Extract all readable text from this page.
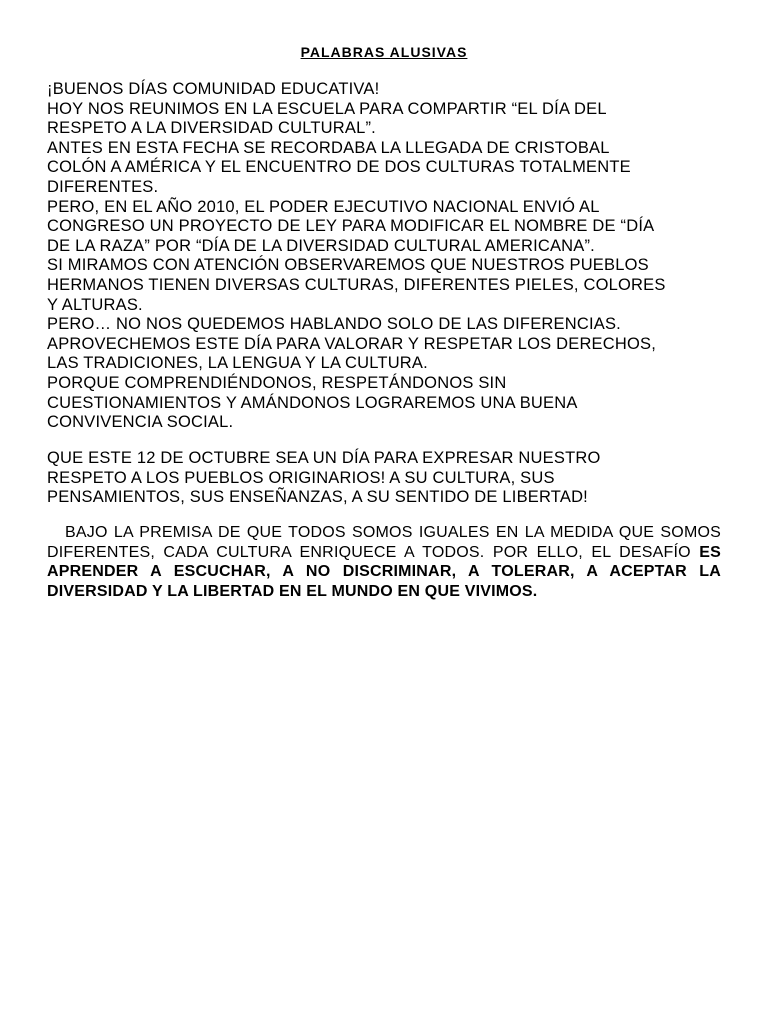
PALABRAS ALUSIVAS
¡BUENOS DÍAS COMUNIDAD EDUCATIVA!
HOY NOS REUNIMOS EN LA ESCUELA PARA COMPARTIR “EL DÍA DEL
RESPETO A LA DIVERSIDAD CULTURAL”.
ANTES EN ESTA FECHA SE RECORDABA LA LLEGADA DE CRISTOBAL
COLÓN A AMÉRICA Y EL ENCUENTRO DE DOS CULTURAS TOTALMENTE
DIFERENTES.
PERO, EN EL AÑO 2010, EL PODER EJECUTIVO NACIONAL ENVIÓ AL
CONGRESO UN PROYECTO DE LEY PARA MODIFICAR EL NOMBRE DE “DÍA
DE LA RAZA” POR “DÍA DE LA DIVERSIDAD CULTURAL AMERICANA”.
SI MIRAMOS CON ATENCIÓN OBSERVAREMOS QUE NUESTROS PUEBLOS
HERMANOS TIENEN DIVERSAS CULTURAS, DIFERENTES PIELES, COLORES
Y ALTURAS.
PERO… NO NOS QUEDEMOS HABLANDO SOLO DE LAS DIFERENCIAS.
APROVECHEMOS ESTE DÍA PARA VALORAR Y RESPETAR LOS DERECHOS,
LAS TRADICIONES, LA LENGUA Y LA CULTURA.
PORQUE COMPRENDIÉNDONOS, RESPETÁNDONOS SIN
CUESTIONAMIENTOS Y AMÁNDONOS LOGRAREMOS UNA BUENA
CONVIVENCIA SOCIAL.
QUE ESTE 12 DE OCTUBRE SEA UN DÍA PARA EXPRESAR NUESTRO
RESPETO A LOS PUEBLOS ORIGINARIOS! A SU CULTURA, SUS
PENSAMIENTOS, SUS ENSEÑANZAS, A SU SENTIDO DE LIBERTAD!
BAJO LA PREMISA DE QUE TODOS SOMOS IGUALES EN LA MEDIDA QUE SOMOS DIFERENTES, CADA CULTURA ENRIQUECE A TODOS. POR ELLO, EL DESAFÍO ES APRENDER A ESCUCHAR, A NO DISCRIMINAR, A TOLERAR, A ACEPTAR LA DIVERSIDAD Y LA LIBERTAD EN EL MUNDO EN QUE VIVIMOS.
